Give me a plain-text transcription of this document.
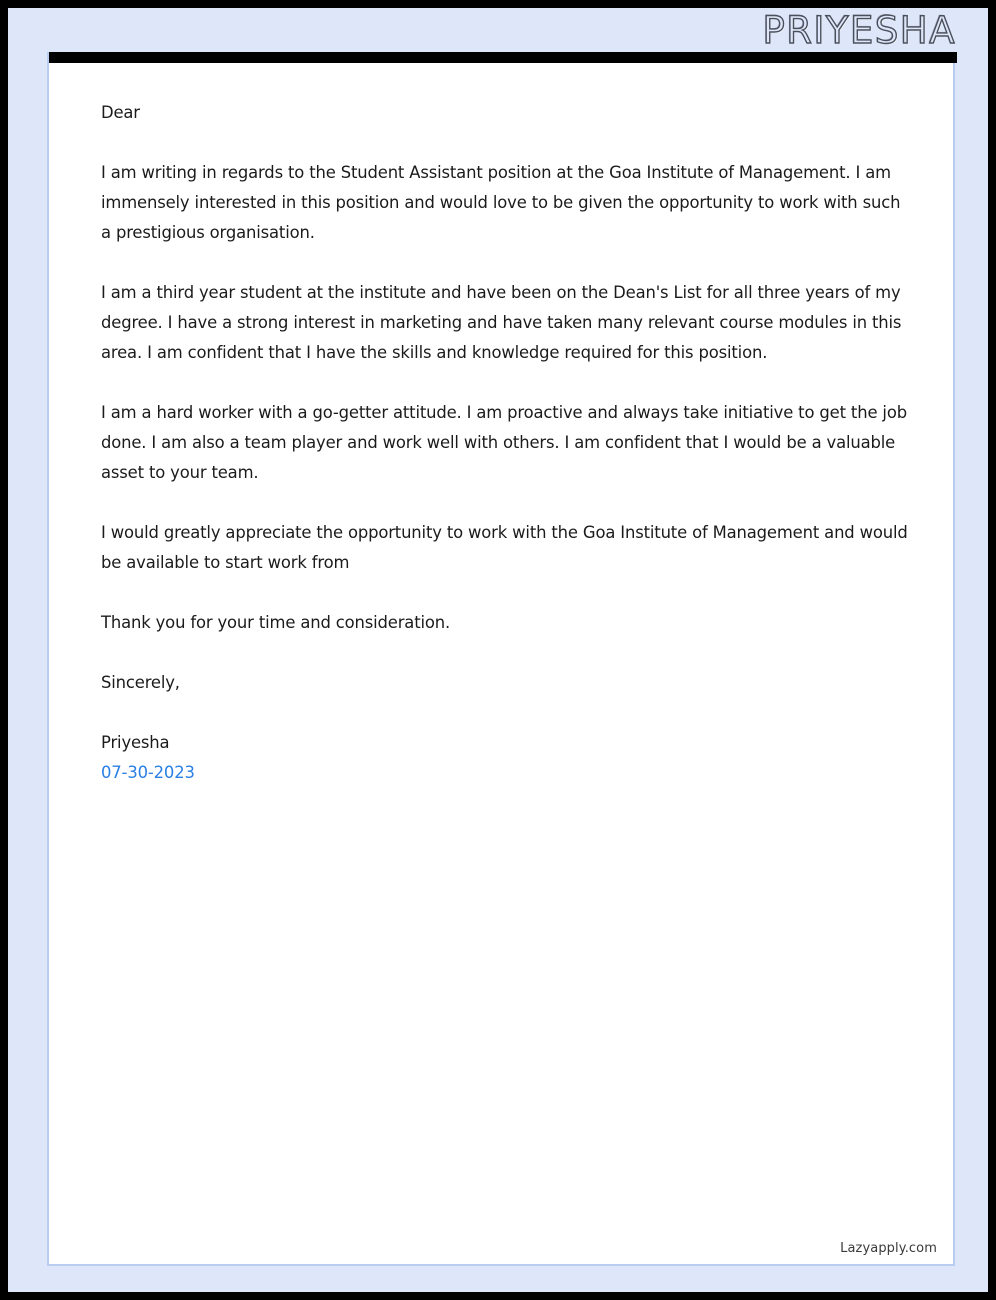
PRIYESHA

Dear

I am writing in regards to the Student Assistant position at the Goa Institute of Management. I am immensely interested in this position and would love to be given the opportunity to work with such a prestigious organisation.

I am a third year student at the institute and have been on the Dean's List for all three years of my degree. I have a strong interest in marketing and have taken many relevant course modules in this area. I am confident that I have the skills and knowledge required for this position.

I am a hard worker with a go-getter attitude. I am proactive and always take initiative to get the job done. I am also a team player and work well with others. I am confident that I would be a valuable asset to your team.

I would greatly appreciate the opportunity to work with the Goa Institute of Management and would be available to start work from

Thank you for your time and consideration.

Sincerely,

Priyesha

07-30-2023

Lazyapply.com
